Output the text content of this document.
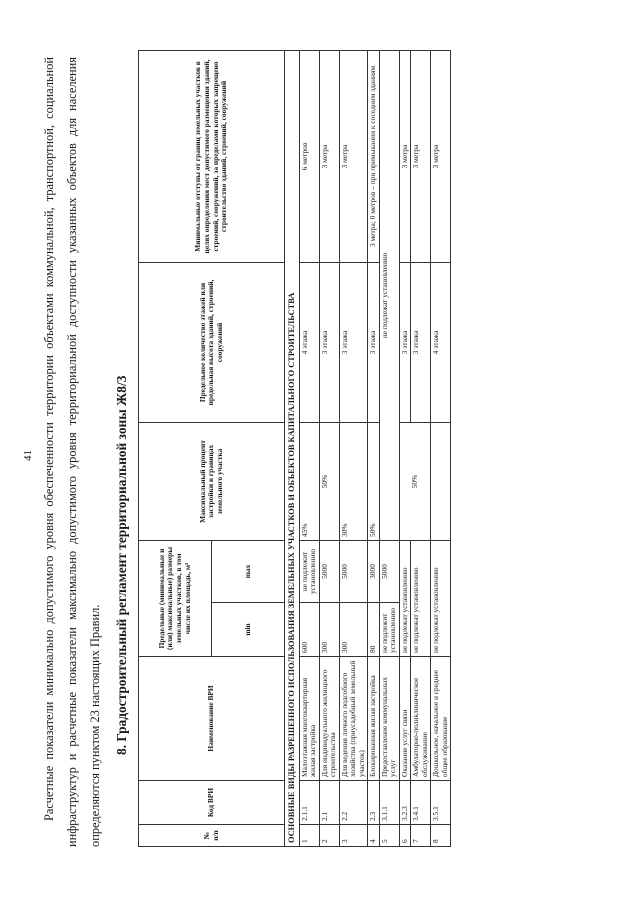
41 Расчетные показатели минимально допустимого уровня обеспеченности территории объектами коммунальной, транспортной, социальной инфраструктур и расчетные показатели максимально допустимого уровня территориальной доступности указанных объектов для населения определяются пунктом 23 настоящих Правил. 8. Градостроительный регламент территориальной зоны Ж8/3
№ п/п	Код ВРИ	Наименование ВРИ	Предельные (минимальные и (или) максимальные) размеры земельных участков, в том числе их площадь, м²		Максимальный процент застройки в границах земельного участка	Предельное количество этажей или предельная высота зданий, строений, сооружений	Минимальные отступы от границ земельных участков в целях определения мест допустимого размещения зданий, строений, сооружений, за пределами которых запрещено строительство зданий, строений, сооружений
			min	max			
ОСНОВНЫЕ ВИДЫ РАЗРЕШЕННОГО ИСПОЛЬЗОВАНИЯ ЗЕМЕЛЬНЫХ УЧАСТКОВ И ОБЪЕКТОВ КАПИТАЛЬНОГО СТРОИТЕЛЬСТВА							
1	2.1.1	Малоэтажная многоквартирная жилая застройка	600	не подлежит установлению	45%	4 этажа	6 метров
2	2.1	Для индивидуального жилищного строительства	300	5000	50%	3 этажа	3 метра
3	2.2	Для ведения личного подсобного хозяйства (приусадебный земельный участок)	300	5000	30%	3 этажа	3 метра
4	2.3	Блокированная жилая застройка	80	3000	50%	3 этажа	3 метра; 0 метров – при примыкании к соседним зданиям
5	3.1.1	Предоставление коммунальных услуг	не подлежит установлению	5000	не подлежат установлению		
6	3.2.3	Оказание услуг связи	не подлежат установлению		50%	3 этажа	3 метра
7	3.4.1	Амбулаторно-поликлиническое обслуживание	не подлежат установлению			3 этажа	3 метра
8	3.5.1	Дошкольное, начальное и среднее общее образование	не подлежат установлению			4 этажа	3 метра
